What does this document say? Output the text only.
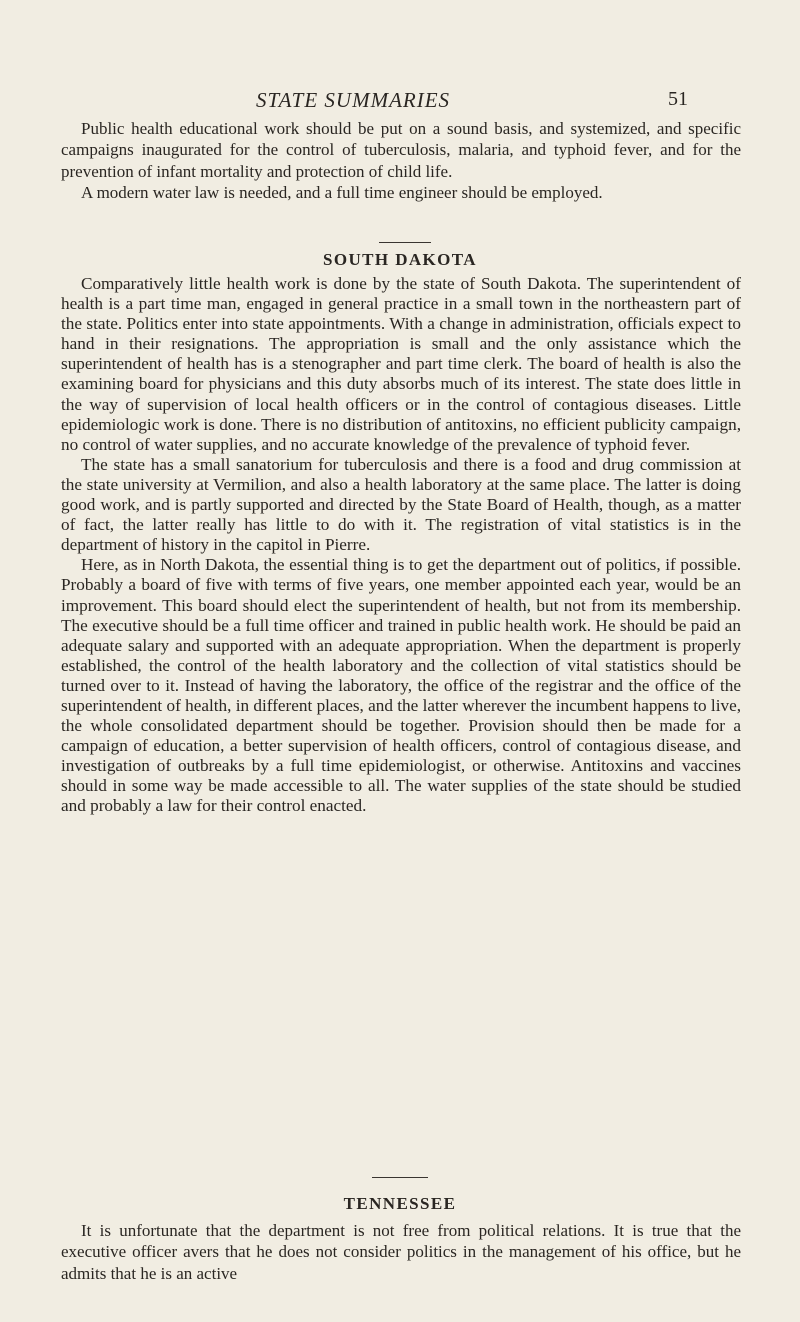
STATE SUMMARIES	51

Public health educational work should be put on a sound basis, and systemized, and specific campaigns inaugurated for the control of tuberculosis, malaria, and typhoid fever, and for the prevention of infant mortality and protection of child life.

A modern water law is needed, and a full time engineer should be employed.

SOUTH DAKOTA

Comparatively little health work is done by the state of South Dakota. The superintendent of health is a part time man, engaged in general practice in a small town in the northeastern part of the state. Politics enter into state appointments. With a change in administration, officials expect to hand in their resignations. The appropriation is small and the only assistance which the superintendent of health has is a stenographer and part time clerk. The board of health is also the examining board for physicians and this duty absorbs much of its interest. The state does little in the way of supervision of local health officers or in the control of contagious diseases. Little epidemiologic work is done. There is no distribution of antitoxins, no efficient publicity campaign, no control of water supplies, and no accurate knowledge of the prevalence of typhoid fever.

The state has a small sanatorium for tuberculosis and there is a food and drug commission at the state university at Vermilion, and also a health laboratory at the same place. The latter is doing good work, and is partly supported and directed by the State Board of Health, though, as a matter of fact, the latter really has little to do with it. The registration of vital statistics is in the department of history in the capitol in Pierre.

Here, as in North Dakota, the essential thing is to get the department out of politics, if possible. Probably a board of five with terms of five years, one member appointed each year, would be an improvement. This board should elect the superintendent of health, but not from its membership. The executive should be a full time officer and trained in public health work. He should be paid an adequate salary and supported with an adequate appropriation. When the department is properly established, the control of the health laboratory and the collection of vital statistics should be turned over to it. Instead of having the laboratory, the office of the registrar and the office of the superintendent of health, in different places, and the latter wherever the incumbent happens to live, the whole consolidated department should be together. Provision should then be made for a campaign of education, a better supervision of health officers, control of contagious disease, and investigation of outbreaks by a full time epidemiologist, or otherwise. Antitoxins and vaccines should in some way be made accessible to all. The water supplies of the state should be studied and probably a law for their control enacted.

TENNESSEE

It is unfortunate that the department is not free from political relations. It is true that the executive officer avers that he does not consider politics in the management of his office, but he admits that he is an active
